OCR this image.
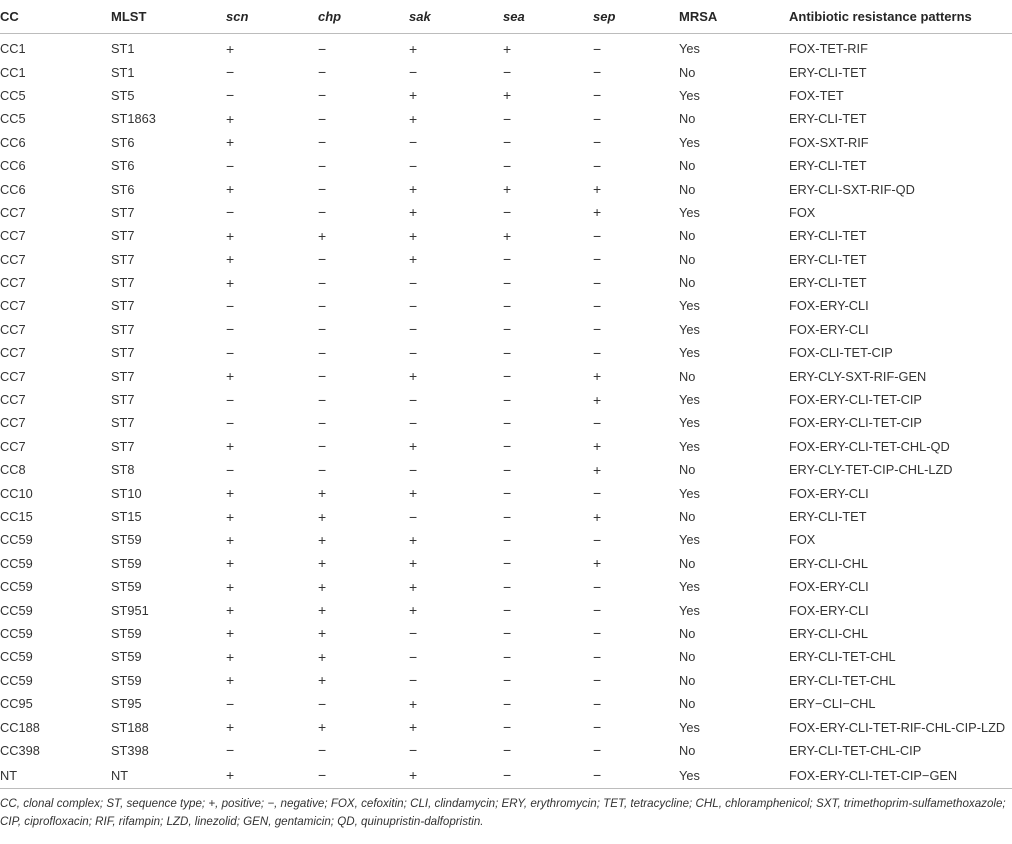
CC	MLST	scn	chp	sak	sea	sep	MRSA	Antibiotic resistance patterns
CC1	ST1	+	−	+	+	−	Yes	FOX-TET-RIF
CC1	ST1	−	−	−	−	−	No	ERY-CLI-TET
CC5	ST5	−	−	+	+	−	Yes	FOX-TET
CC5	ST1863	+	−	+	−	−	No	ERY-CLI-TET
CC6	ST6	+	−	−	−	−	Yes	FOX-SXT-RIF
CC6	ST6	−	−	−	−	−	No	ERY-CLI-TET
CC6	ST6	+	−	+	+	+	No	ERY-CLI-SXT-RIF-QD
CC7	ST7	−	−	+	−	+	Yes	FOX
CC7	ST7	+	+	+	+	−	No	ERY-CLI-TET
CC7	ST7	+	−	+	−	−	No	ERY-CLI-TET
CC7	ST7	+	−	−	−	−	No	ERY-CLI-TET
CC7	ST7	−	−	−	−	−	Yes	FOX-ERY-CLI
CC7	ST7	−	−	−	−	−	Yes	FOX-ERY-CLI
CC7	ST7	−	−	−	−	−	Yes	FOX-CLI-TET-CIP
CC7	ST7	+	−	+	−	+	No	ERY-CLY-SXT-RIF-GEN
CC7	ST7	−	−	−	−	+	Yes	FOX-ERY-CLI-TET-CIP
CC7	ST7	−	−	−	−	−	Yes	FOX-ERY-CLI-TET-CIP
CC7	ST7	+	−	+	−	+	Yes	FOX-ERY-CLI-TET-CHL-QD
CC8	ST8	−	−	−	−	+	No	ERY-CLY-TET-CIP-CHL-LZD
CC10	ST10	+	+	+	−	−	Yes	FOX-ERY-CLI
CC15	ST15	+	+	−	−	+	No	ERY-CLI-TET
CC59	ST59	+	+	+	−	−	Yes	FOX
CC59	ST59	+	+	+	−	+	No	ERY-CLI-CHL
CC59	ST59	+	+	+	−	−	Yes	FOX-ERY-CLI
CC59	ST951	+	+	+	−	−	Yes	FOX-ERY-CLI
CC59	ST59	+	+	−	−	−	No	ERY-CLI-CHL
CC59	ST59	+	+	−	−	−	No	ERY-CLI-TET-CHL
CC59	ST59	+	+	−	−	−	No	ERY-CLI-TET-CHL
CC95	ST95	−	−	+	−	−	No	ERY−CLI−CHL
CC188	ST188	+	+	+	−	−	Yes	FOX-ERY-CLI-TET-RIF-CHL-CIP-LZD
CC398	ST398	−	−	−	−	−	No	ERY-CLI-TET-CHL-CIP
NT	NT	+	−	+	−	−	Yes	FOX-ERY-CLI-TET-CIP−GEN
CC, clonal complex; ST, sequence type; +, positive; −, negative; FOX, cefoxitin; CLI, clindamycin; ERY, erythromycin; TET, tetracycline; CHL, chloramphenicol; SXT, trimethoprim-sulfamethoxazole; CIP, ciprofloxacin; RIF, rifampin; LZD, linezolid; GEN, gentamicin; QD, quinupristin-dalfopristin.
